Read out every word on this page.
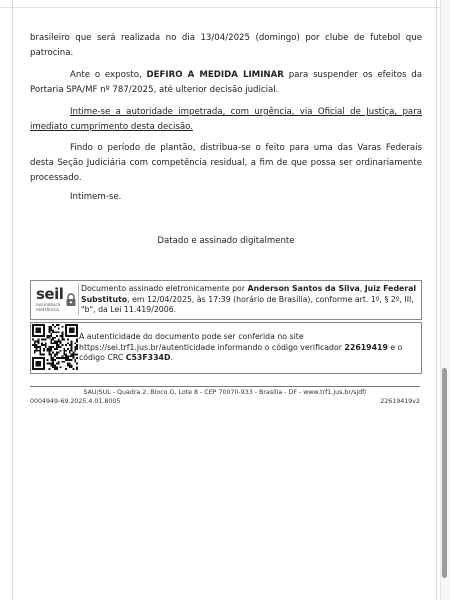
brasileiro que será realizada no dia 13/04/2025 (domingo) por clube de futebol que patrocina.

Ante o exposto, DEFIRO A MEDIDA LIMINAR para suspender os efeitos da Portaria SPA/MF nº 787/2025, até ulterior decisão judicial.

Intime-se a autoridade impetrada, com urgência, via Oficial de Justiça, para imediato cumprimento desta decisão.

Findo o período de plantão, distribua-se o feito para uma das Varas Federais desta Seção Judiciária com competência residual, a fim de que possa ser ordinariamente processado.

Intimem-se.

Datado e assinado digitalmente
seil
assinatura
eletrônica
Documento assinado eletronicamente por Anderson Santos da Silva, Juiz Federal Substituto, em 12/04/2025, às 17:39 (horário de Brasília), conforme art. 1º, § 2º, III, "b", da Lei 11.419/2006.
A autenticidade do documento pode ser conferida no site https://sei.trf1.jus.br/autenticidade informando o código verificador 22619419 e o código CRC C53F334D.
SAU/SUL - Quadra 2, Bloco G, Lote 8 - CEP 70070-933 - Brasília - DF - www.trf1.jus.br/sjdf/
0004949-69.2025.4.01.8005	22619419v2
